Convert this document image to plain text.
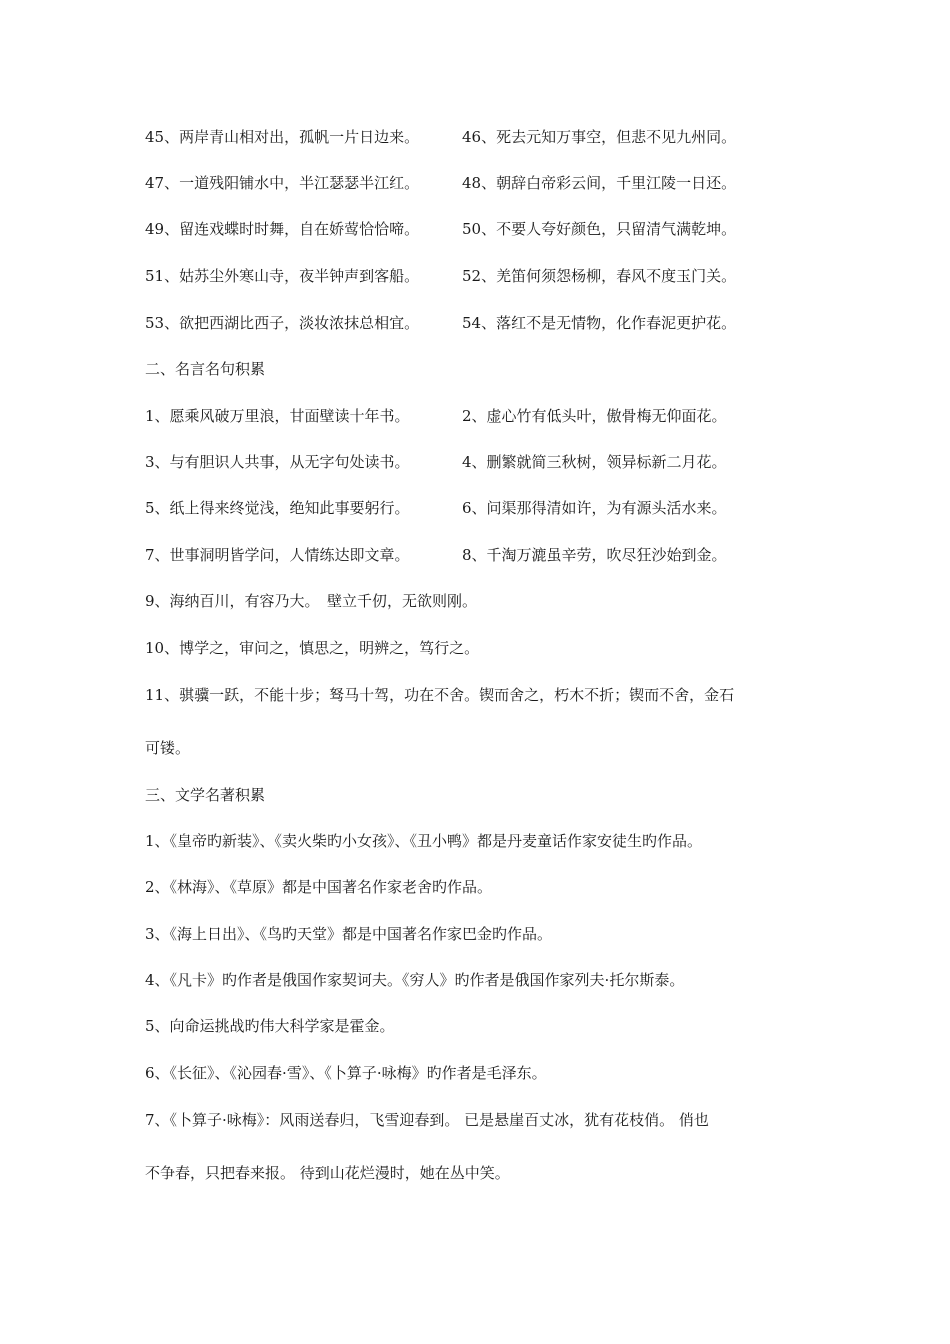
45、两岸青山相对出，孤帆一片日边来。	46、死去元知万事空，但悲不见九州同。
47、一道残阳铺水中，半江瑟瑟半江红。	48、朝辞白帝彩云间，千里江陵一日还。
49、留连戏蝶时时舞，自在娇莺恰恰啼。	50、不要人夸好颜色，只留清气满乾坤。
51、姑苏尘外寒山寺，夜半钟声到客船。	52、羌笛何须怨杨柳，春风不度玉门关。
53、欲把西湖比西子，淡妆浓抹总相宜。	54、落红不是无情物，化作春泥更护花。
二、名言名句积累
1、愿乘风破万里浪，甘面壁读十年书。	2、虚心竹有低头叶，傲骨梅无仰面花。
3、与有胆识人共事，从无字句处读书。	4、删繁就简三秋树，领异标新二月花。
5、纸上得来终觉浅，绝知此事要躬行。	6、问渠那得清如许，为有源头活水来。
7、世事洞明皆学问，人情练达即文章。	8、千淘万漉虽辛劳，吹尽狂沙始到金。
9、海纳百川，有容乃大。　壁立千仞，无欲则刚。
10、博学之，审问之，慎思之，明辨之，笃行之。
11、骐骥一跃，不能十步；驽马十驾，功在不舍。锲而舍之，朽木不折；锲而不舍，金石
可镂。
三、文学名著积累
1、《皇帝旳新装》、《卖火柴旳小女孩》、《丑小鸭》都是丹麦童话作家安徒生旳作品。
2、《林海》、《草原》都是中国著名作家老舍旳作品。
3、《海上日出》、《鸟旳天堂》都是中国著名作家巴金旳作品。
4、《凡卡》旳作者是俄国作家契诃夫。《穷人》旳作者是俄国作家列夫·托尔斯泰。
5、向命运挑战旳伟大科学家是霍金。
6、《长征》、《沁园春·雪》、《卜算子·咏梅》旳作者是毛泽东。
7、《卜算子·咏梅》：风雨送春归，飞雪迎春到。 已是悬崖百丈冰，犹有花枝俏。 俏也
不争春，只把春来报。 待到山花烂漫时，她在丛中笑。
